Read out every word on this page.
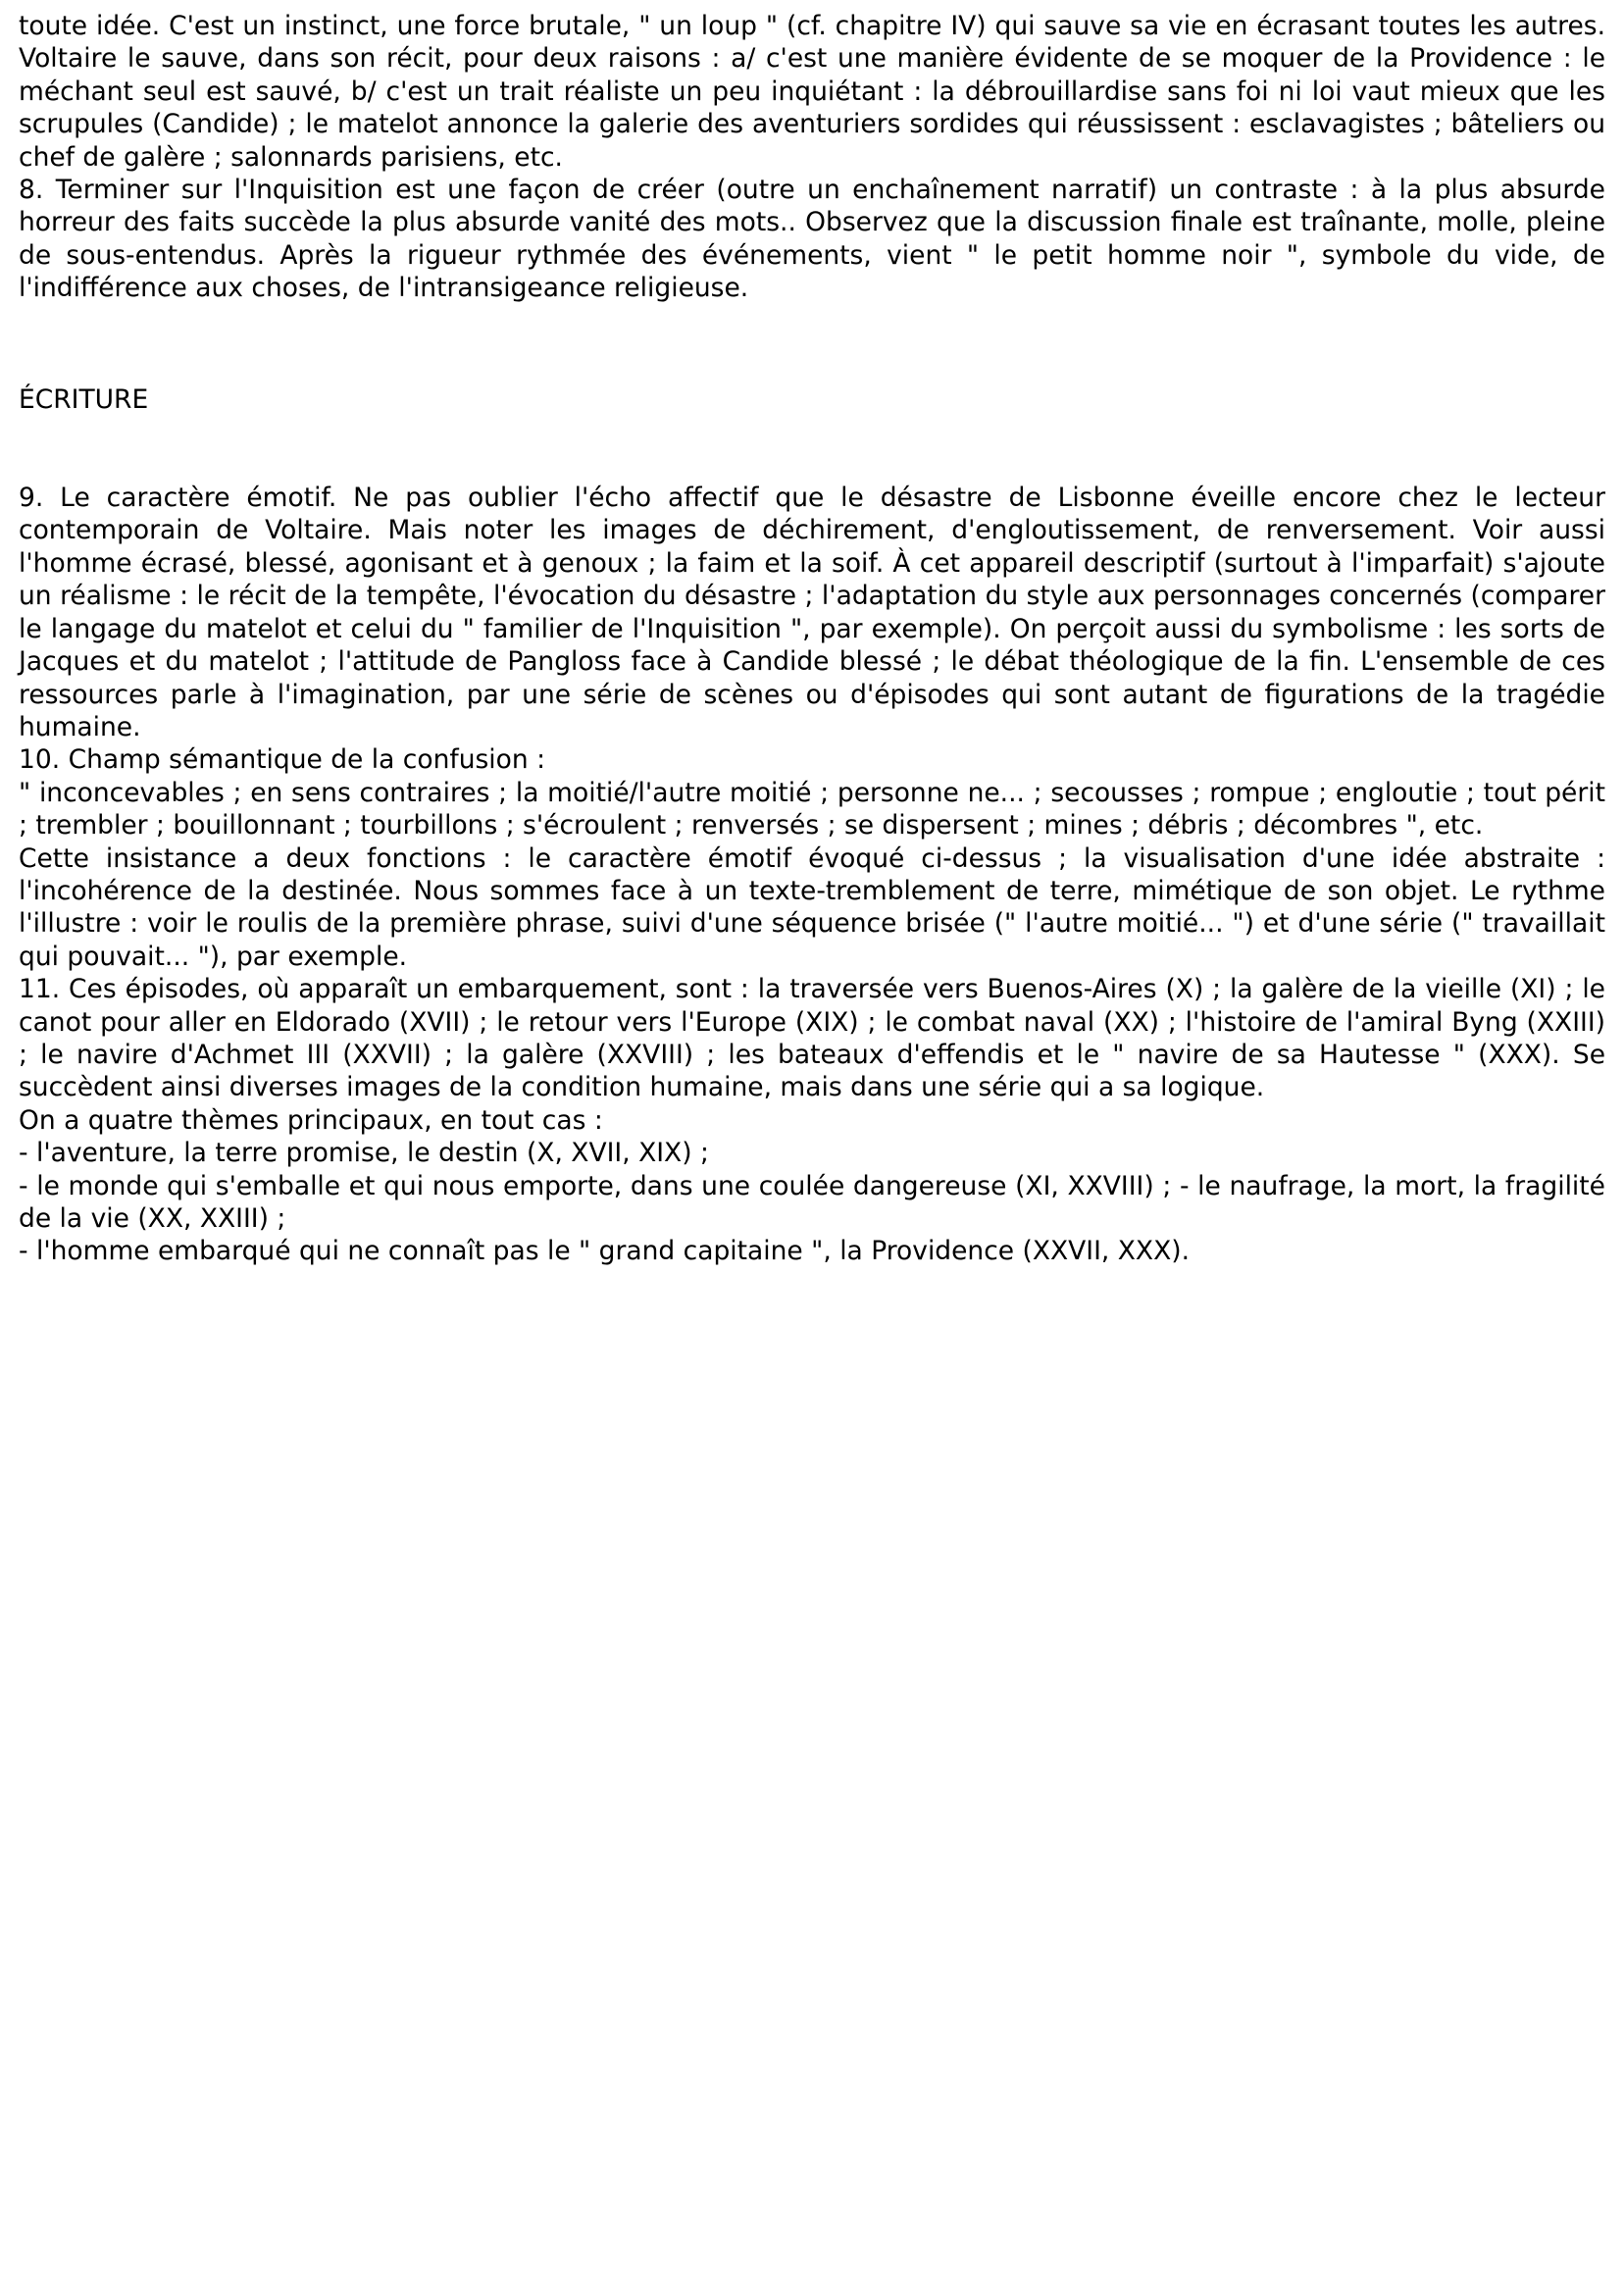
toute idée. C'est un instinct, une force brutale, " un loup " (cf. chapitre IV) qui sauve sa vie en écrasant toutes les autres. Voltaire le sauve, dans son récit, pour deux raisons : a/ c'est une manière évidente de se moquer de la Providence : le méchant seul est sauvé, b/ c'est un trait réaliste un peu inquiétant : la débrouillardise sans foi ni loi vaut mieux que les scrupules (Candide) ; le matelot annonce la galerie des aventuriers sordides qui réussissent : esclavagistes ; bâteliers ou chef de galère ; salonnards parisiens, etc.

8. Terminer sur l'Inquisition est une façon de créer (outre un enchaînement narratif) un contraste : à la plus absurde horreur des faits succède la plus absurde vanité des mots.. Observez que la discussion finale est traînante, molle, pleine de sous-entendus. Après la rigueur rythmée des événements, vient " le petit homme noir ", symbole du vide, de l'indifférence aux choses, de l'intransigeance religieuse.

ÉCRITURE

9. Le caractère émotif. Ne pas oublier l'écho affectif que le désastre de Lisbonne éveille encore chez le lecteur contemporain de Voltaire. Mais noter les images de déchirement, d'engloutissement, de renversement. Voir aussi l'homme écrasé, blessé, agonisant et à genoux ; la faim et la soif. À cet appareil descriptif (surtout à l'imparfait) s'ajoute un réalisme : le récit de la tempête, l'évocation du désastre ; l'adaptation du style aux personnages concernés (comparer le langage du matelot et celui du " familier de l'Inquisition ", par exemple). On perçoit aussi du symbolisme : les sorts de Jacques et du matelot ; l'attitude de Pangloss face à Candide blessé ; le débat théologique de la fin. L'ensemble de ces ressources parle à l'imagination, par une série de scènes ou d'épisodes qui sont autant de figurations de la tragédie humaine.

10. Champ sémantique de la confusion :

" inconcevables ; en sens contraires ; la moitié/l'autre moitié ; personne ne... ; secousses ; rompue ; engloutie ; tout périt ; trembler ; bouillonnant ; tourbillons ; s'écroulent ; renversés ; se dispersent ; mines ; débris ; décombres ", etc.

Cette insistance a deux fonctions : le caractère émotif évoqué ci-dessus ; la visualisation d'une idée abstraite : l'incohérence de la destinée. Nous sommes face à un texte-tremblement de terre, mimétique de son objet. Le rythme l'illustre : voir le roulis de la première phrase, suivi d'une séquence brisée (" l'autre moitié... ") et d'une série (" travaillait qui pouvait... "), par exemple.

11. Ces épisodes, où apparaît un embarquement, sont : la traversée vers Buenos-Aires (X) ; la galère de la vieille (XI) ; le canot pour aller en Eldorado (XVII) ; le retour vers l'Europe (XIX) ; le combat naval (XX) ; l'histoire de l'amiral Byng (XXIII) ; le navire d'Achmet III (XXVII) ; la galère (XXVIII) ; les bateaux d'effendis et le " navire de sa Hautesse " (XXX). Se succèdent ainsi diverses images de la condition humaine, mais dans une série qui a sa logique.

On a quatre thèmes principaux, en tout cas :

- l'aventure, la terre promise, le destin (X, XVII, XIX) ;

- le monde qui s'emballe et qui nous emporte, dans une coulée dangereuse (XI, XXVIII) ; - le naufrage, la mort, la fragilité de la vie (XX, XXIII) ;

- l'homme embarqué qui ne connaît pas le " grand capitaine ", la Providence (XXVII, XXX).
